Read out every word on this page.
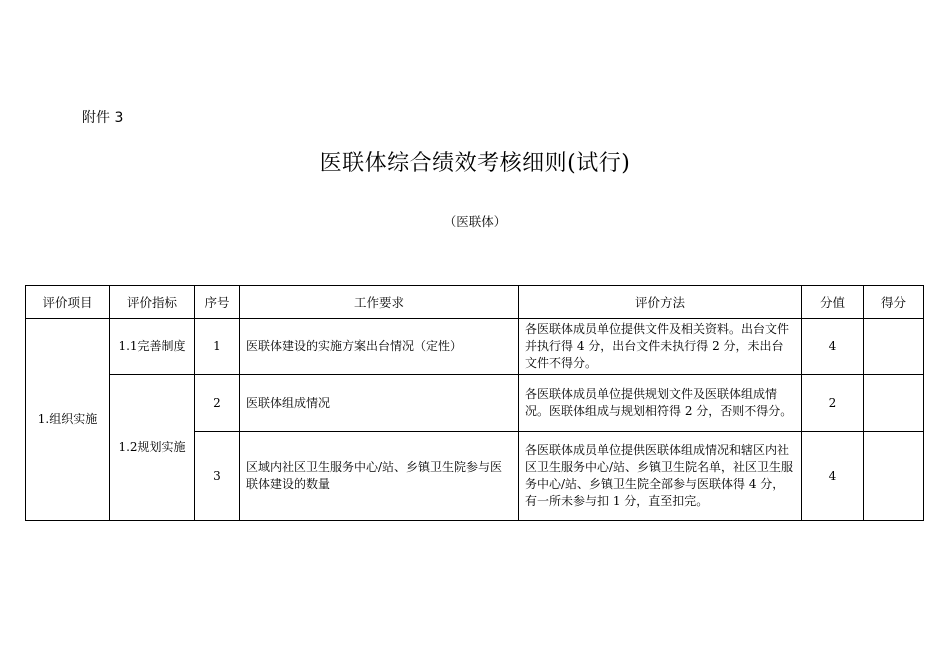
附件 3
医联体综合绩效考核细则(试行)
（医联体）
评价项目	评价指标	序号	工作要求	评价方法	分值	得分
1.组织实施	1.1完善制度	1	医联体建设的实施方案出台情况（定性）	各医联体成员单位提供文件及相关资料。出台文件并执行得 4 分，出台文件未执行得 2 分，未出台文件不得分。	4	
	1.2规划实施	2	医联体组成情况	各医联体成员单位提供规划文件及医联体组成情况。医联体组成与规划相符得 2 分，否则不得分。	2	
		3	区域内社区卫生服务中心/站、乡镇卫生院参与医联体建设的数量	各医联体成员单位提供医联体组成情况和辖区内社区卫生服务中心/站、乡镇卫生院名单，社区卫生服务中心/站、乡镇卫生院全部参与医联体得 4 分，有一所未参与扣 1 分，直至扣完。	4	
